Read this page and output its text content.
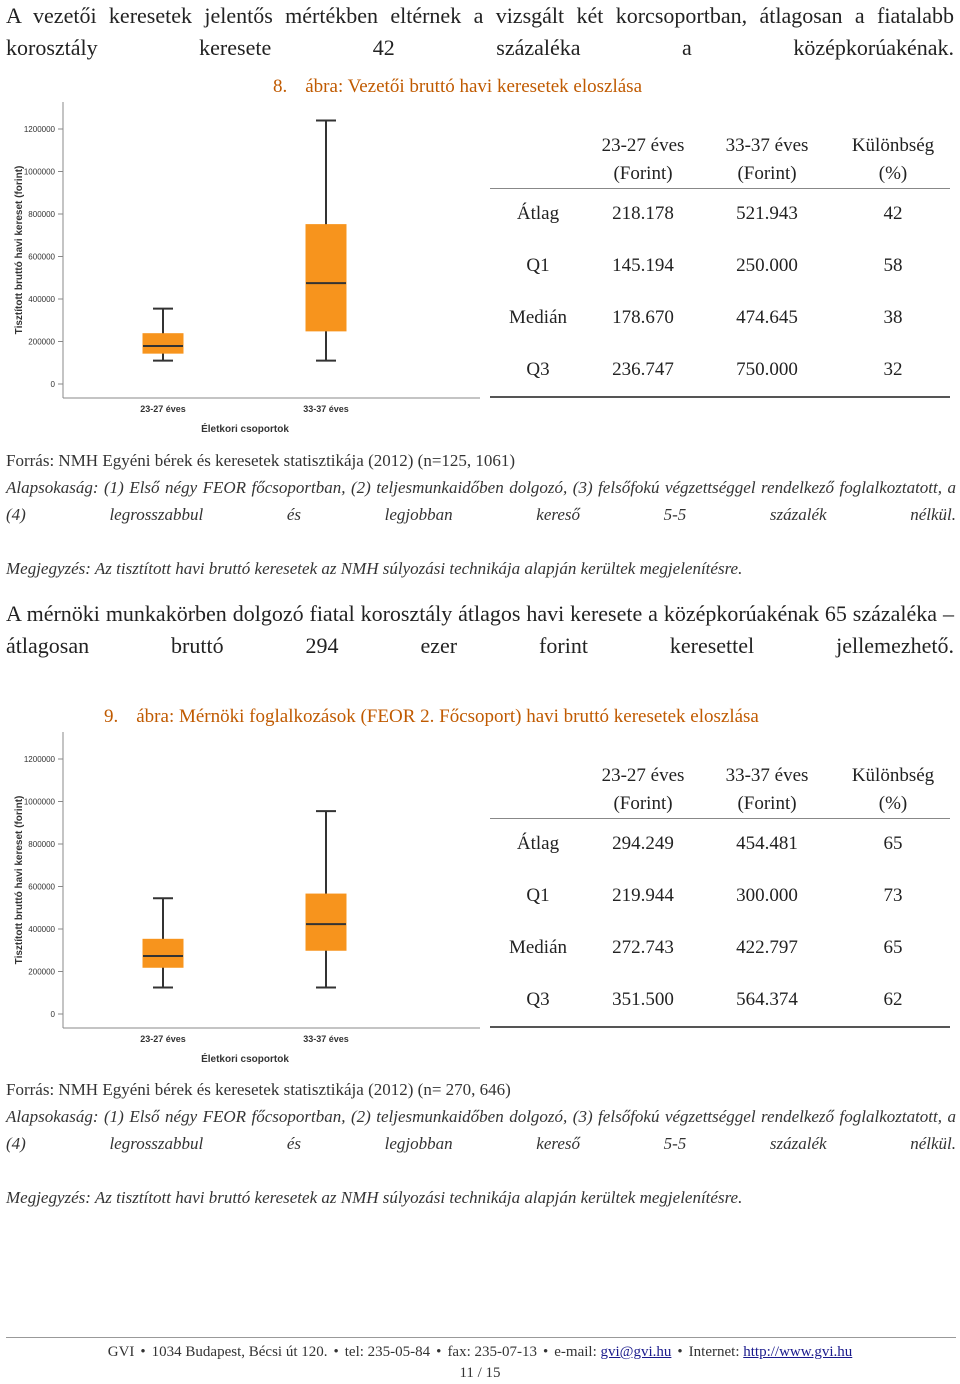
A vezetői keresetek jelentős mértékben eltérnek a vizsgált két korcsoportban, átlagosan a fiatalabb korosztály keresete 42 százaléka a középkorúakénak.

8. ábra: Vezetői bruttó havi keresetek eloszlása
0
200000
400000
600000
800000
1000000
1200000
Tisztított bruttó havi kereset (forint)
23-27 éves	33-37 éves
Életkori csoportok
23-27 éves
(Forint)
33-37 éves
(Forint)
Különbség
(%)
Átlag	218.178	521.943	42
Q1	145.194	250.000	58
Medián	178.670	474.645	38
Q3	236.747	750.000	32

Forrás: NMH Egyéni bérek és keresetek statisztikája (2012) (n=125, 1061)

Alapsokaság: (1) Első négy FEOR főcsoportban, (2) teljesmunkaidőben dolgozó, (3) felsőfokú végzettséggel rendelkező foglalkoztatott, a (4) legrosszabbul és legjobban kereső 5-5 százalék nélkül.

Megjegyzés: Az tisztított havi bruttó keresetek az NMH súlyozási technikája alapján kerültek megjelenítésre.

A mérnöki munkakörben dolgozó fiatal korosztály átlagos havi keresete a középkorúakénak 65 százaléka – átlagosan bruttó 294 ezer forint keresettel jellemezhető.

9. ábra: Mérnöki foglalkozások (FEOR 2. Főcsoport) havi bruttó keresetek eloszlása
0
200000
400000
600000
800000
1000000
1200000
Tisztított bruttó havi kereset (forint)
23-27 éves	33-37 éves
Életkori csoportok
23-27 éves
(Forint)
33-37 éves
(Forint)
Különbség
(%)
Átlag	294.249	454.481	65
Q1	219.944	300.000	73
Medián	272.743	422.797	65
Q3	351.500	564.374	62

Forrás: NMH Egyéni bérek és keresetek statisztikája (2012) (n= 270, 646)

Alapsokaság: (1) Első négy FEOR főcsoportban, (2) teljesmunkaidőben dolgozó, (3) felsőfokú végzettséggel rendelkező foglalkoztatott, a (4) legrosszabbul és legjobban kereső 5-5 százalék nélkül.

Megjegyzés: Az tisztított havi bruttó keresetek az NMH súlyozási technikája alapján kerültek megjelenítésre.

GVI • 1034 Budapest, Bécsi út 120. • tel: 235-05-84 • fax: 235-07-13 • e-mail: gvi@gvi.hu • Internet: http://www.gvi.hu
11 / 15
